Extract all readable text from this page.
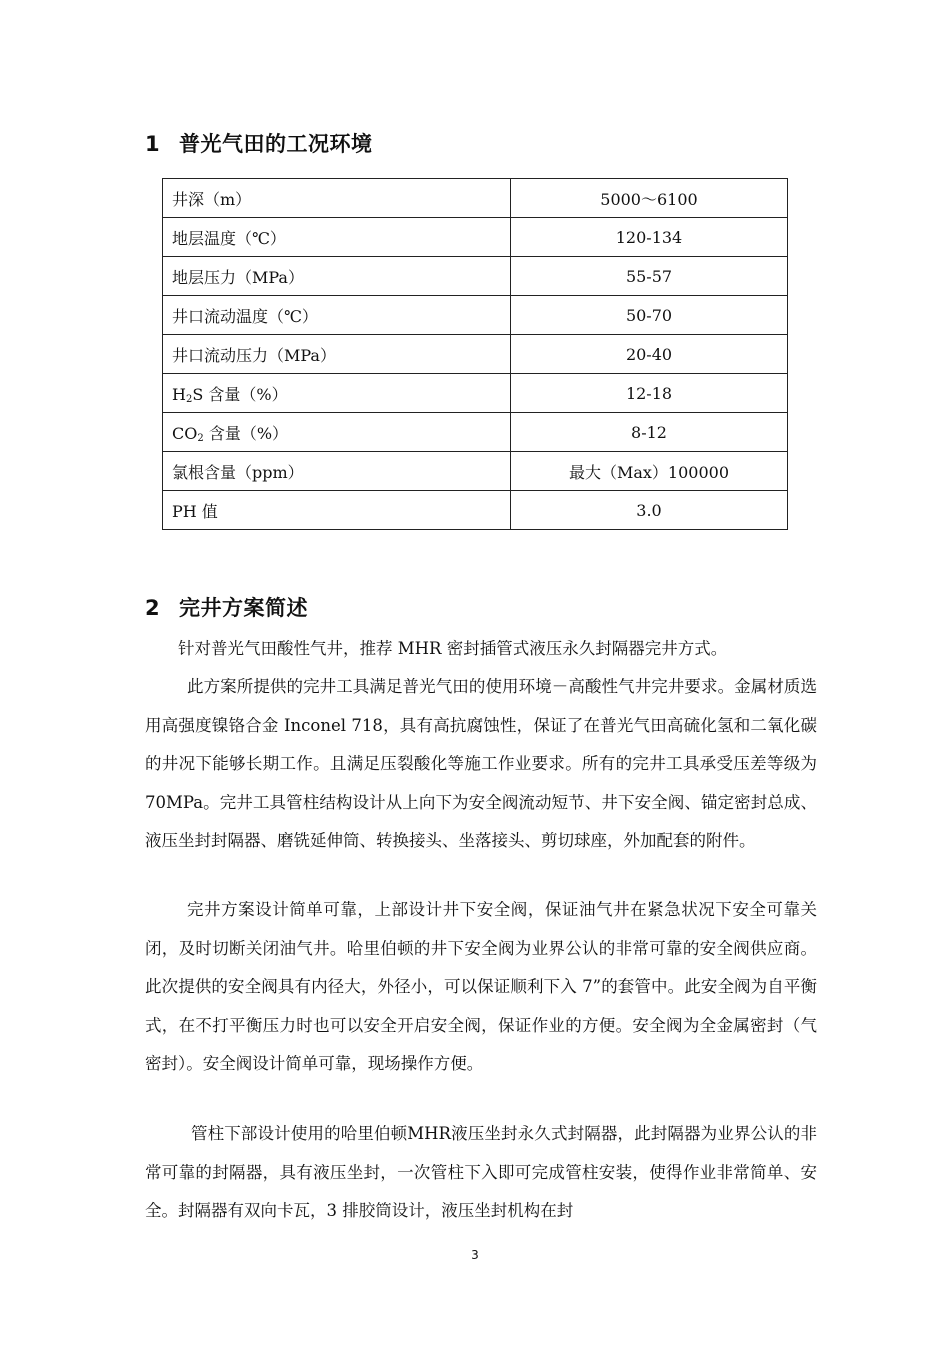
1 普光气田的工况环境
井深（m）	5000～6100
地层温度（℃）	120-134
地层压力（MPa）	55-57
井口流动温度（℃）	50-70
井口流动压力（MPa）	20-40
$H_2S$ 含量（%）	12-18
$CO_2$ 含量（%）	8-12
氯根含量（ppm）	最大（Max）100000
PH 值	3.0
2 完井方案简述

针对普光气田酸性气井，推荐 MHR 密封插管式液压永久封隔器完井方式。

此方案所提供的完井工具满足普光气田的使用环境－高酸性气井完井要求。金属材质选用高强度镍铬合金 Inconel 718，具有高抗腐蚀性，保证了在普光气田高硫化氢和二氧化碳的井况下能够长期工作。且满足压裂酸化等施工作业要求。所有的完井工具承受压差等级为 70MPa。完井工具管柱结构设计从上向下为安全阀流动短节、井下安全阀、锚定密封总成、液压坐封封隔器、磨铣延伸筒、转换接头、坐落接头、剪切球座，外加配套的附件。

完井方案设计简单可靠，上部设计井下安全阀，保证油气井在紧急状况下安全可靠关闭，及时切断关闭油气井。哈里伯顿的井下安全阀为业界公认的非常可靠的安全阀供应商。此次提供的安全阀具有内径大，外径小，可以保证顺利下入 7”的套管中。此安全阀为自平衡式，在不打平衡压力时也可以安全开启安全阀，保证作业的方便。安全阀为全金属密封（气密封）。安全阀设计简单可靠，现场操作方便。

管柱下部设计使用的哈里伯顿MHR液压坐封永久式封隔器，此封隔器为业界公认的非常可靠的封隔器，具有液压坐封，一次管柱下入即可完成管柱安装，使得作业非常简单、安全。封隔器有双向卡瓦，3 排胶筒设计，液压坐封机构在封

3
